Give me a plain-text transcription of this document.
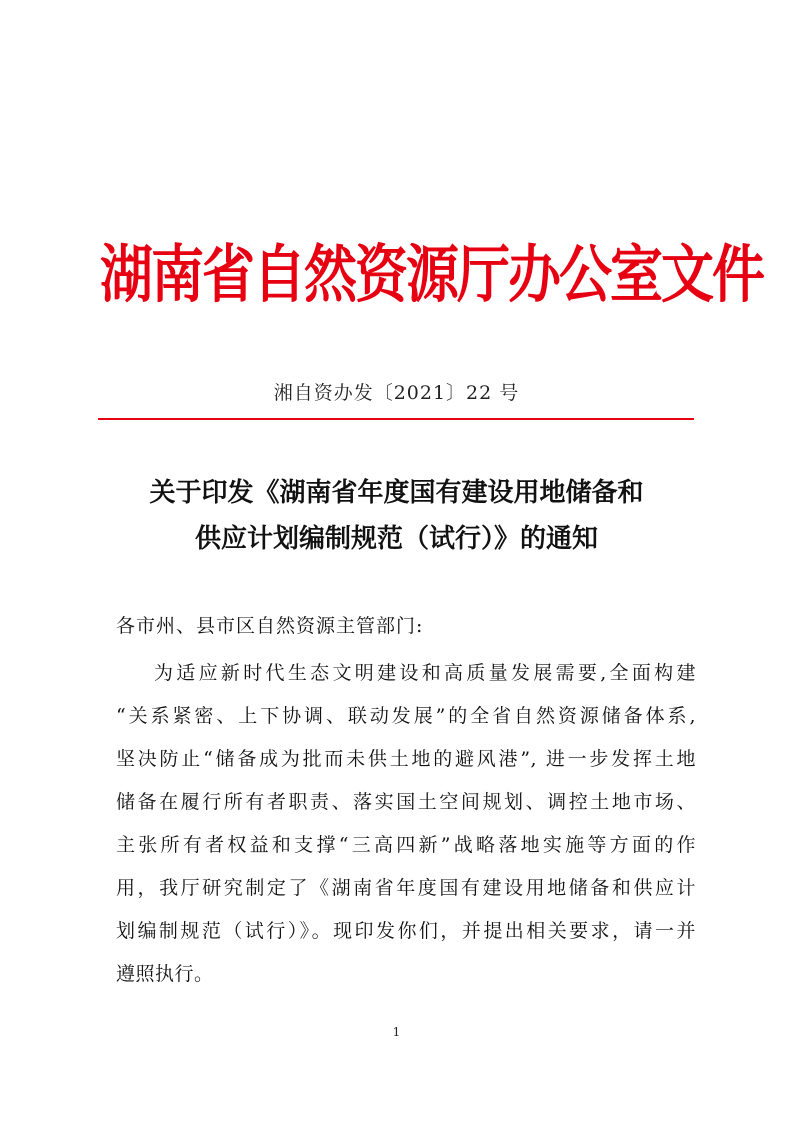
湖南省自然资源厅办公室文件
湘自资办发〔2021〕22 号
关于印发《湖南省年度国有建设用地储备和
供应计划编制规范（试行）》的通知
各市州、县市区自然资源主管部门:
为适应新时代生态文明建设和高质量发展需要,全面构建
“关系紧密、上下协调、联动发展”的全省自然资源储备体系,
坚决防止“储备成为批而未供土地的避风港”, 进一步发挥土地
储备在履行所有者职责、落实国土空间规划、调控土地市场、
主张所有者权益和支撑“三高四新”战略落地实施等方面的作
用，我厅研究制定了《湖南省年度国有建设用地储备和供应计
划编制规范（试行）》。现印发你们，并提出相关要求，请一并
遵照执行。
1
